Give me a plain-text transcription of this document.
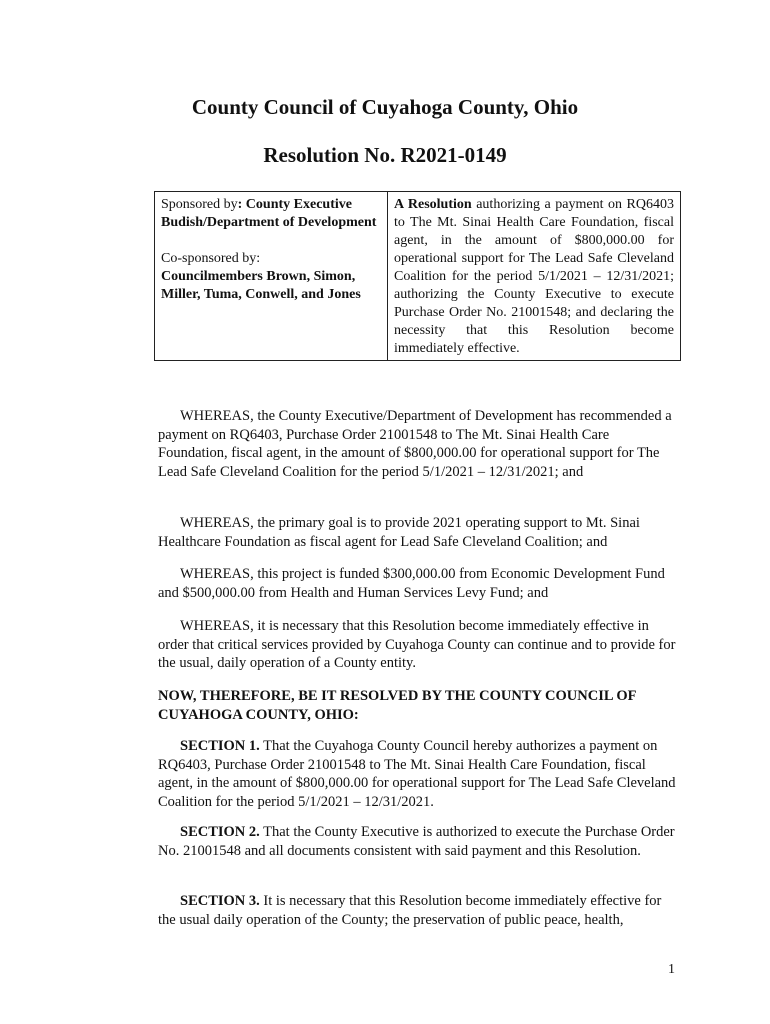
County Council of Cuyahoga County, Ohio
Resolution No. R2021-0149
Sponsored by: County Executive Budish/Department of Development
Co-sponsored by:
Councilmembers Brown, Simon, Miller, Tuma, Conwell, and Jones
	A Resolution authorizing a payment on RQ6403 to The Mt. Sinai Health Care Foundation, fiscal agent, in the amount of $800,000.00 for operational support for The Lead Safe Cleveland Coalition for the period 5/1/2021 – 12/31/2021; authorizing the County Executive to execute Purchase Order No. 21001548; and declaring the necessity that this Resolution become immediately effective.

WHEREAS, the County Executive/Department of Development has recommended a payment on RQ6403, Purchase Order 21001548 to The Mt. Sinai Health Care Foundation, fiscal agent, in the amount of $800,000.00 for operational support for The Lead Safe Cleveland Coalition for the period 5/1/2021 – 12/31/2021; and

WHEREAS, the primary goal is to provide 2021 operating support to Mt. Sinai Healthcare Foundation as fiscal agent for Lead Safe Cleveland Coalition; and

WHEREAS, this project is funded $300,000.00 from Economic Development Fund and $500,000.00 from Health and Human Services Levy Fund; and

WHEREAS, it is necessary that this Resolution become immediately effective in order that critical services provided by Cuyahoga County can continue and to provide for the usual, daily operation of a County entity.

NOW, THEREFORE, BE IT RESOLVED BY THE COUNTY COUNCIL OF CUYAHOGA COUNTY, OHIO:

SECTION 1. That the Cuyahoga County Council hereby authorizes a payment on RQ6403, Purchase Order 21001548 to The Mt. Sinai Health Care Foundation, fiscal agent, in the amount of $800,000.00 for operational support for The Lead Safe Cleveland Coalition for the period 5/1/2021 – 12/31/2021.

SECTION 2. That the County Executive is authorized to execute the Purchase Order No. 21001548 and all documents consistent with said payment and this Resolution.

SECTION 3. It is necessary that this Resolution become immediately effective for the usual daily operation of the County; the preservation of public peace, health,

1
